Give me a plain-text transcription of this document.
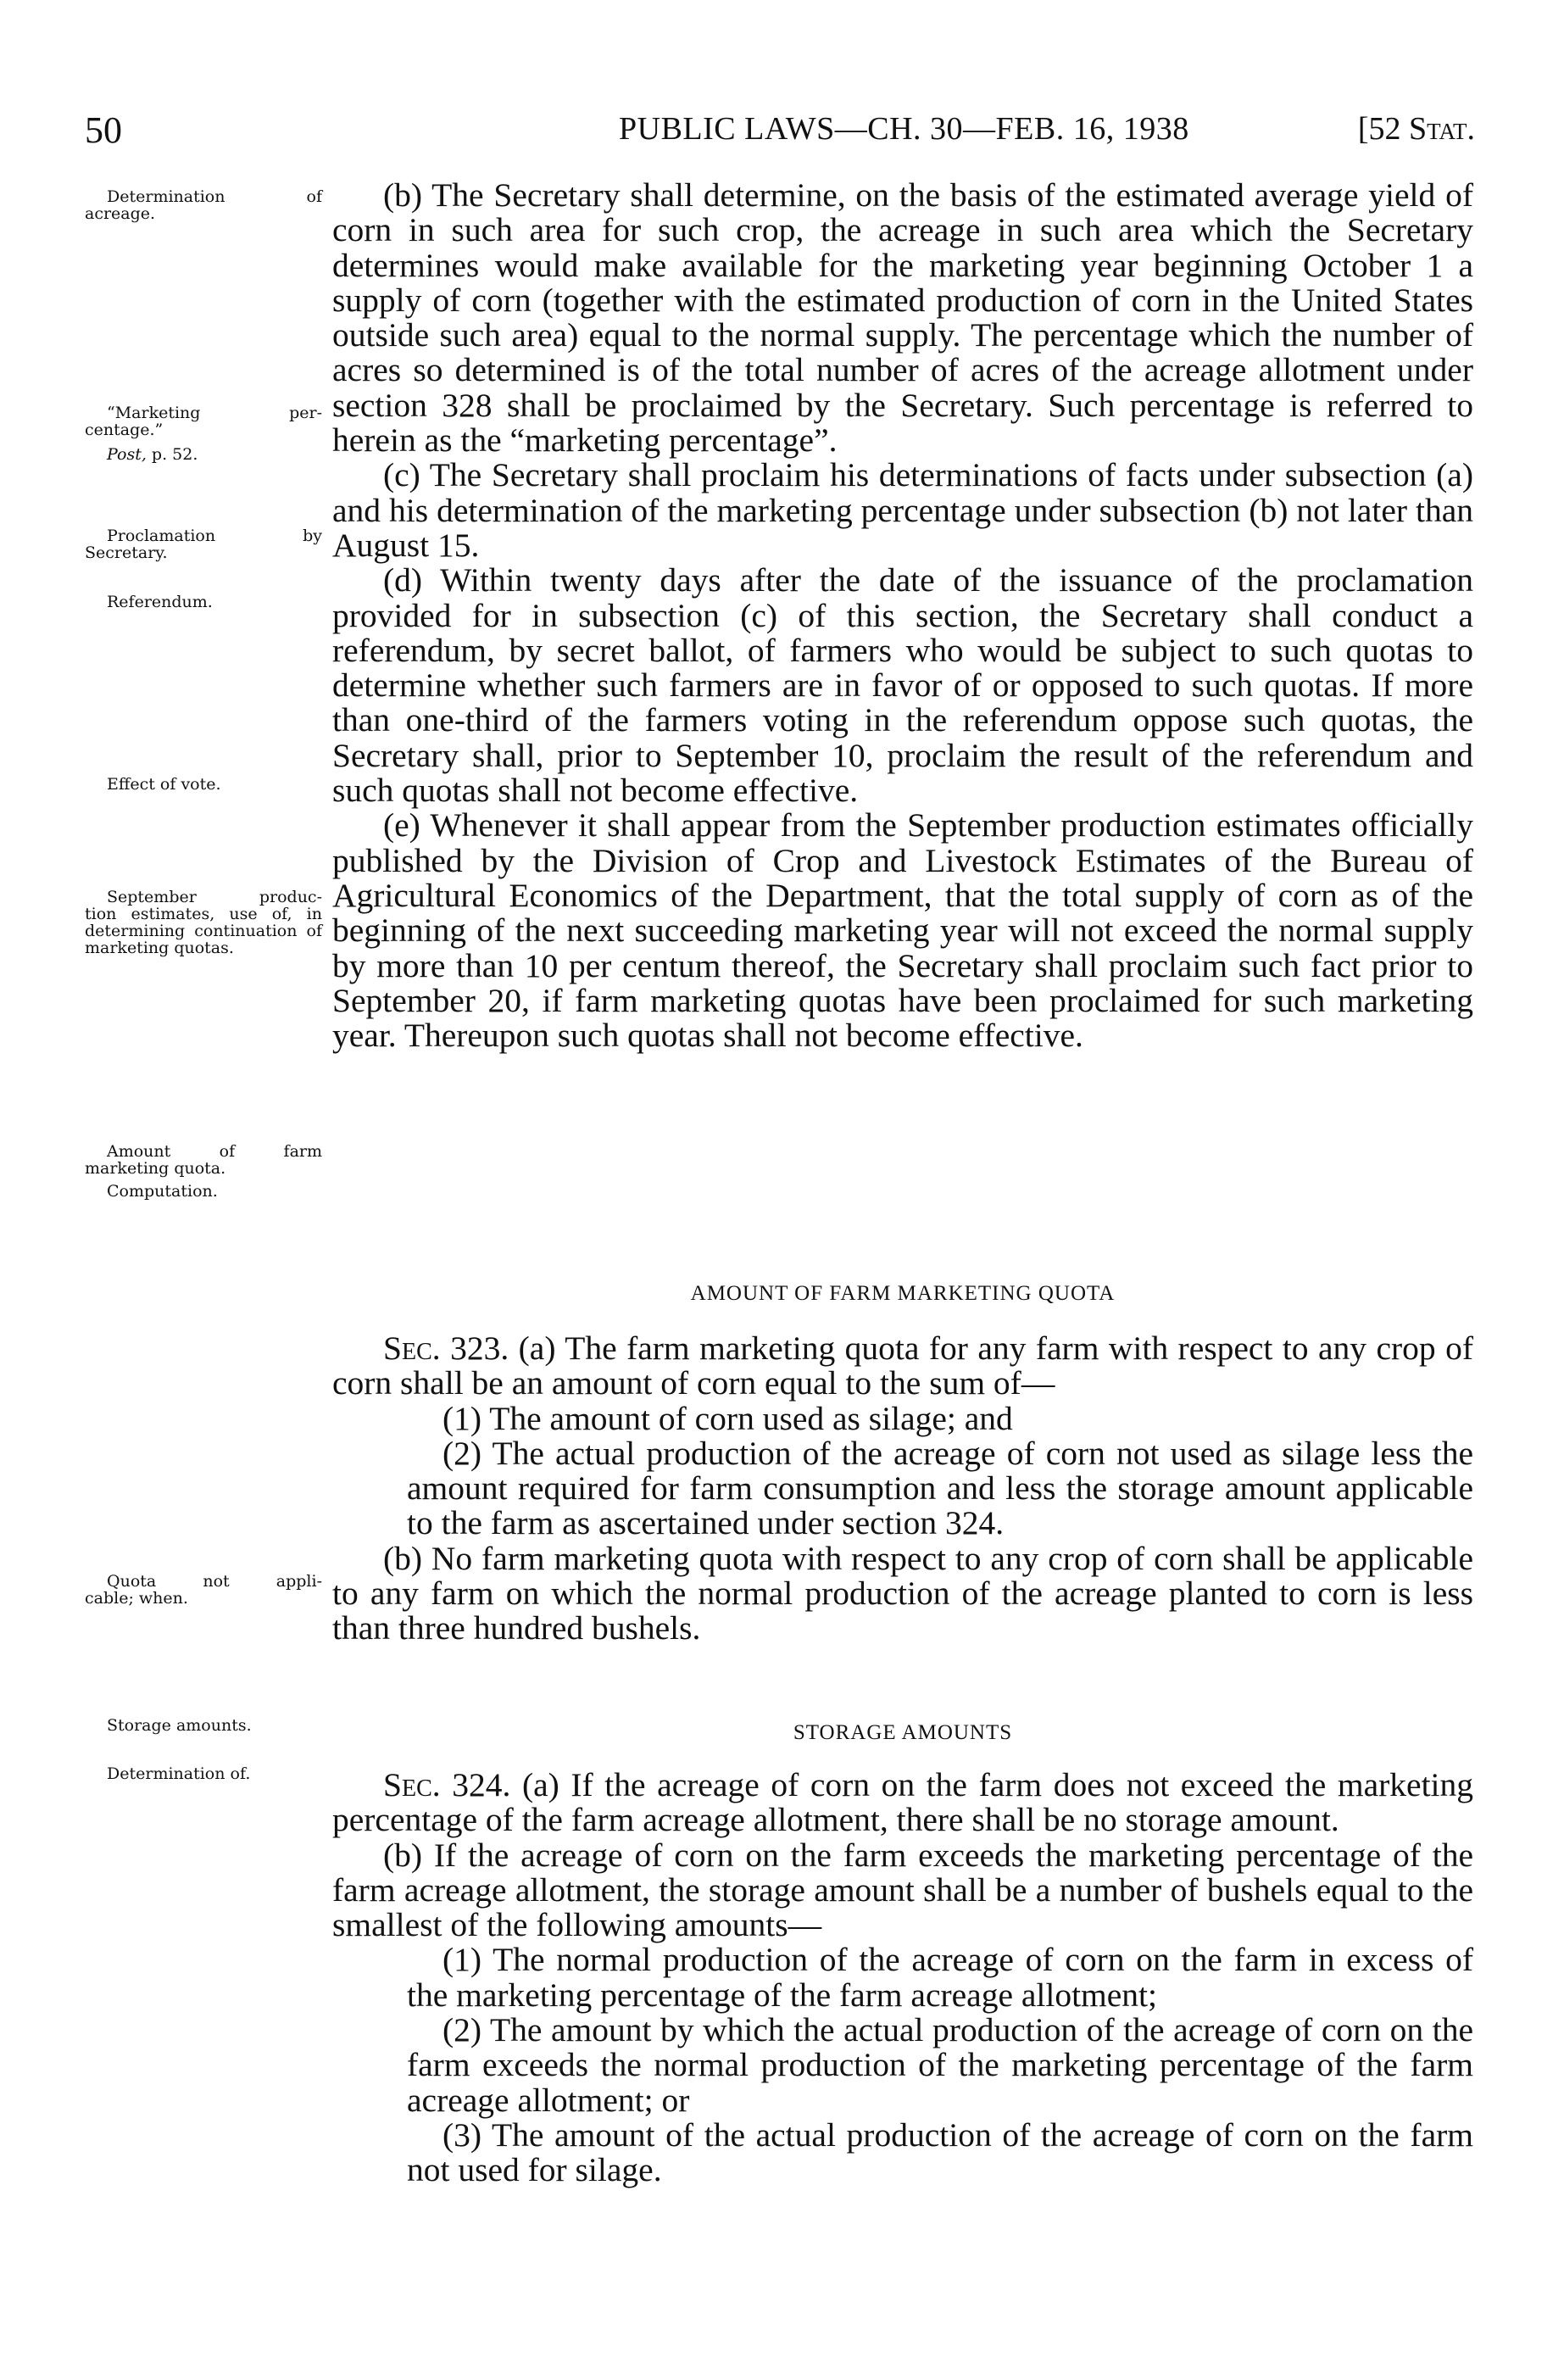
50	PUBLIC LAWS—CH. 30—FEB. 16, 1938	[52 Stat.
Determination of
acreage.
“Marketing per-
centage.”
Post, p. 52.
Proclamation by
Secretary.
Referendum.
Effect of vote.
September produc-
tion estimates, use of, in determining continuation of marketing quotas.
Amount of farm
marketing quota.
Computation.
Quota not appli-
cable; when.
Storage amounts.
Determination of.

(b) The Secretary shall determine, on the basis of the estimated average yield of corn in such area for such crop, the acreage in such area which the Secretary determines would make available for the marketing year beginning October 1 a supply of corn (together with the estimated production of corn in the United States outside such area) equal to the normal supply. The percentage which the number of acres so determined is of the total number of acres of the acreage allotment under section 328 shall be proclaimed by the Secretary. Such percentage is referred to herein as the “marketing percentage”.

(c) The Secretary shall proclaim his determinations of facts under subsection (a) and his determination of the marketing percentage under subsection (b) not later than August 15.

(d) Within twenty days after the date of the issuance of the proclamation provided for in subsection (c) of this section, the Secretary shall conduct a referendum, by secret ballot, of farmers who would be subject to such quotas to determine whether such farmers are in favor of or opposed to such quotas. If more than one-third of the farmers voting in the referendum oppose such quotas, the Secretary shall, prior to September 10, proclaim the result of the referendum and such quotas shall not become effective.

(e) Whenever it shall appear from the September production estimates officially published by the Division of Crop and Livestock Estimates of the Bureau of Agricultural Economics of the Department, that the total supply of corn as of the beginning of the next succeeding marketing year will not exceed the normal supply by more than 10 per centum thereof, the Secretary shall proclaim such fact prior to September 20, if farm marketing quotas have been proclaimed for such marketing year. Thereupon such quotas shall not become effective.

AMOUNT OF FARM MARKETING QUOTA

Sec. 323. (a) The farm marketing quota for any farm with respect to any crop of corn shall be an amount of corn equal to the sum of—

(1) The amount of corn used as silage; and

(2) The actual production of the acreage of corn not used as silage less the amount required for farm consumption and less the storage amount applicable to the farm as ascertained under section 324.

(b) No farm marketing quota with respect to any crop of corn shall be applicable to any farm on which the normal production of the acreage planted to corn is less than three hundred bushels.

STORAGE AMOUNTS

Sec. 324. (a) If the acreage of corn on the farm does not exceed the marketing percentage of the farm acreage allotment, there shall be no storage amount.

(b) If the acreage of corn on the farm exceeds the marketing percentage of the farm acreage allotment, the storage amount shall be a number of bushels equal to the smallest of the following amounts—

(1) The normal production of the acreage of corn on the farm in excess of the marketing percentage of the farm acreage allotment;

(2) The amount by which the actual production of the acreage of corn on the farm exceeds the normal production of the marketing percentage of the farm acreage allotment; or

(3) The amount of the actual production of the acreage of corn on the farm not used for silage.
